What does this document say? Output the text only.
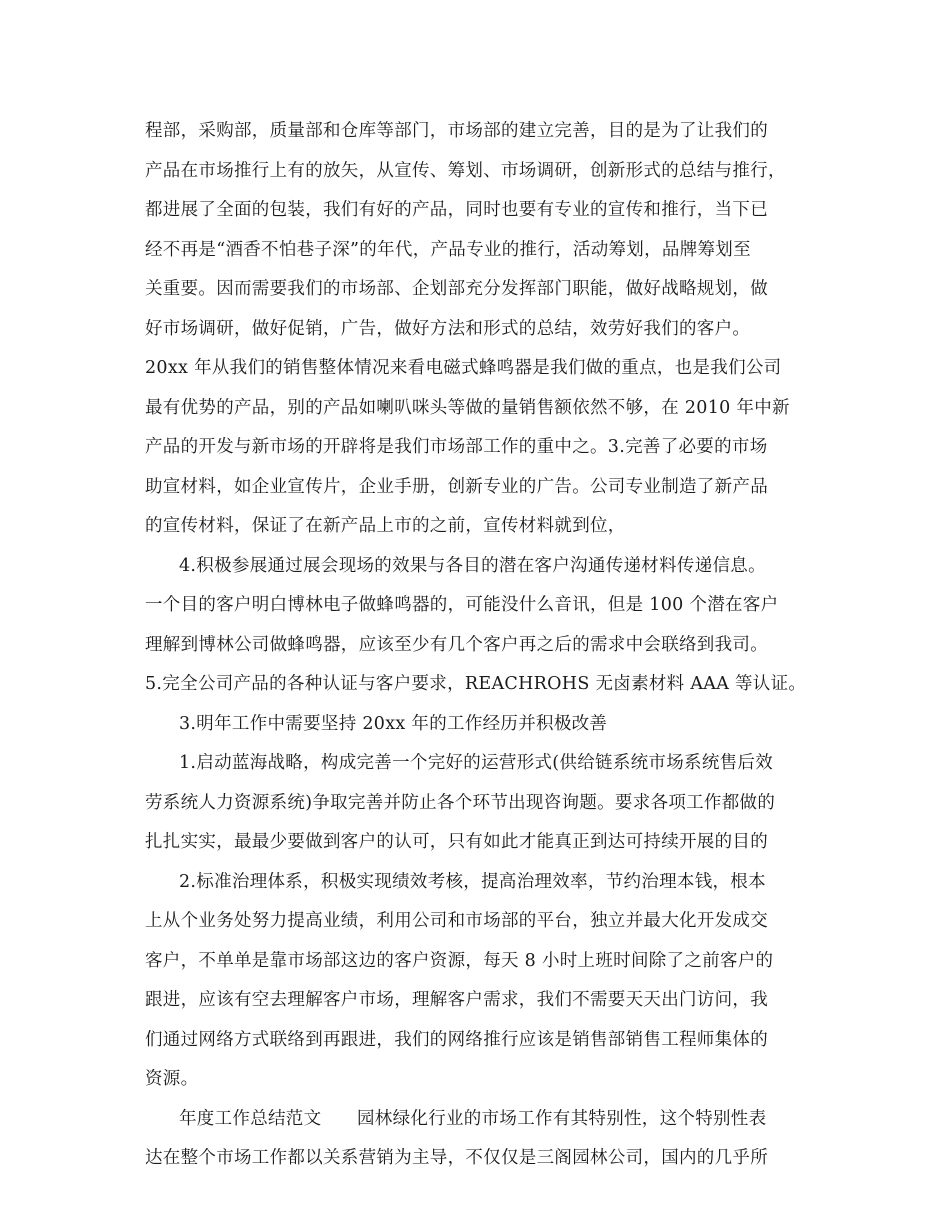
程部，采购部，质量部和仓库等部门，市场部的建立完善，目的是为了让我们的
产品在市场推行上有的放矢，从宣传、筹划、市场调研，创新形式的总结与推行，
都进展了全面的包装，我们有好的产品，同时也要有专业的宣传和推行，当下已
经不再是“酒香不怕巷子深”的年代，产品专业的推行，活动筹划，品牌筹划至
关重要。因而需要我们的市场部、企划部充分发挥部门职能，做好战略规划，做
好市场调研，做好促销，广告，做好方法和形式的总结，效劳好我们的客户。
20xx 年从我们的销售整体情况来看电磁式蜂鸣器是我们做的重点，也是我们公司
最有优势的产品，别的产品如喇叭咪头等做的量销售额依然不够，在 2010 年中新
产品的开发与新市场的开辟将是我们市场部工作的重中之。3.完善了必要的市场
助宣材料，如企业宣传片，企业手册，创新专业的广告。公司专业制造了新产品
的宣传材料，保证了在新产品上市的之前，宣传材料就到位，
4.积极参展通过展会现场的效果与各目的潜在客户沟通传递材料传递信息。
一个目的客户明白博林电子做蜂鸣器的，可能没什么音讯，但是 100 个潜在客户
理解到博林公司做蜂鸣器，应该至少有几个客户再之后的需求中会联络到我司。
5.完全公司产品的各种认证与客户要求，REACHROHS 无卤素材料 AAA 等认证。
3.明年工作中需要坚持 20xx 年的工作经历并积极改善
1.启动蓝海战略，构成完善一个完好的运营形式(供给链系统市场系统售后效
劳系统人力资源系统)争取完善并防止各个环节出现咨询题。要求各项工作都做的
扎扎实实，最最少要做到客户的认可，只有如此才能真正到达可持续开展的目的
2.标准治理体系，积极实现绩效考核，提高治理效率，节约治理本钱，根本
上从个业务处努力提高业绩，利用公司和市场部的平台，独立并最大化开发成交
客户，不单单是靠市场部这边的客户资源，每天 8 小时上班时间除了之前客户的
跟进，应该有空去理解客户市场，理解客户需求，我们不需要天天出门访问，我
们通过网络方式联络到再跟进，我们的网络推行应该是销售部销售工程师集体的
资源。
年度工作总结范文　　园林绿化行业的市场工作有其特别性，这个特别性表
达在整个市场工作都以关系营销为主导，不仅仅是三阁园林公司，国内的几乎所
